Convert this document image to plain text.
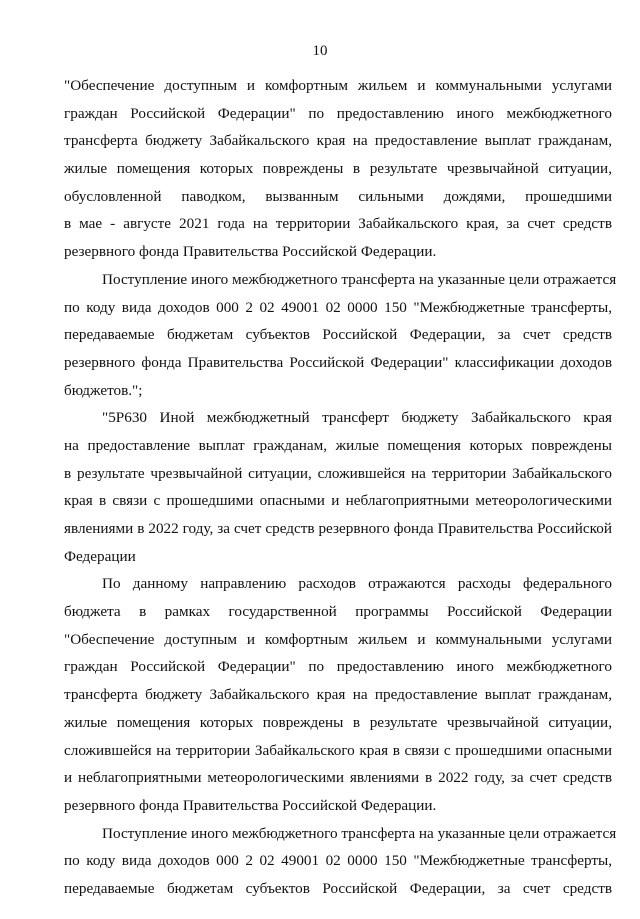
10
"Обеспечение доступным и комфортным жильем и коммунальными услугами
граждан Российской Федерации" по предоставлению иного межбюджетного
трансферта бюджету Забайкальского края на предоставление выплат гражданам,
жилые помещения которых повреждены в результате чрезвычайной ситуации,
обусловленной паводком, вызванным сильными дождями, прошедшими
в мае - августе 2021 года на территории Забайкальского края, за счет средств
резервного фонда Правительства Российской Федерации.
Поступление иного межбюджетного трансферта на указанные цели отражается
по коду вида доходов 000 2 02 49001 02 0000 150 "Межбюджетные трансферты,
передаваемые бюджетам субъектов Российской Федерации, за счет средств
резервного фонда Правительства Российской Федерации" классификации доходов
бюджетов.";
"5Р630 Иной межбюджетный трансферт бюджету Забайкальского края
на предоставление выплат гражданам, жилые помещения которых повреждены
в результате чрезвычайной ситуации, сложившейся на территории Забайкальского
края в связи с прошедшими опасными и неблагоприятными метеорологическими
явлениями в 2022 году, за счет средств резервного фонда Правительства Российской
Федерации
По данному направлению расходов отражаются расходы федерального
бюджета в рамках государственной программы Российской Федерации
"Обеспечение доступным и комфортным жильем и коммунальными услугами
граждан Российской Федерации" по предоставлению иного межбюджетного
трансферта бюджету Забайкальского края на предоставление выплат гражданам,
жилые помещения которых повреждены в результате чрезвычайной ситуации,
сложившейся на территории Забайкальского края в связи с прошедшими опасными
и неблагоприятными метеорологическими явлениями в 2022 году, за счет средств
резервного фонда Правительства Российской Федерации.
Поступление иного межбюджетного трансферта на указанные цели отражается
по коду вида доходов 000 2 02 49001 02 0000 150 "Межбюджетные трансферты,
передаваемые бюджетам субъектов Российской Федерации, за счет средств
